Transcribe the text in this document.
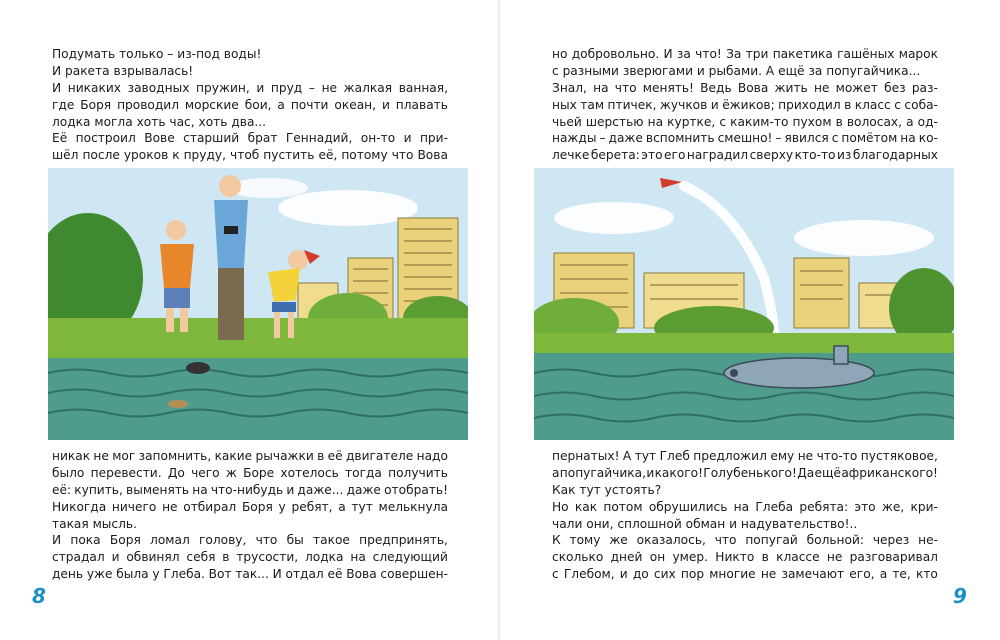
Подумать только – из-под воды!
И ракета взрывалась!
И никаких заводных пружин, и пруд – не жалкая ванная,
где Боря проводил морские бои, а почти океан, и плавать
лодка могла хоть час, хоть два...
Её построил Вове старший брат Геннадий, он-то и при-
шёл после уроков к пруду, чтоб пустить её, потому что Вова
никак не мог запомнить, какие рычажки в её двигателе надо
было перевести. До чего ж Боре хотелось тогда получить
её: купить, выменять на что-нибудь и даже... даже отобрать!
Никогда ничего не отбирал Боря у ребят, а тут мелькнула
такая мысль.
И пока Боря ломал голову, что бы такое предпринять,
страдал и обвинял себя в трусости, лодка на следующий
день уже была у Глеба. Вот так... И отдал её Вова совершен-
8
но добровольно. И за что! За три пакетика гашёных марок
с разными зверюгами и рыбами. А ещё за попугайчика...
Знал, на что менять! Ведь Вова жить не может без раз-
ных там птичек, жучков и ёжиков; приходил в класс с соба-
чьей шерстью на куртке, с каким-то пухом в волосах, а од-
нажды – даже вспомнить смешно! – явился с помётом на ко-
лечке берета: это его наградил сверху кто-то из благодарных
пернатых! А тут Глеб предложил ему не что-то пустяковое,
а попугайчика, и какого! Голубенького! Да ещё африканского!
Как тут устоять?
Но как потом обрушились на Глеба ребята: это же, кри-
чали они, сплошной обман и надувательство!..
К тому же оказалось, что попугай больной: через не-
сколько дней он умер. Никто в классе не разговаривал
с Глебом, и до сих пор многие не замечают его, а те, кто
9
